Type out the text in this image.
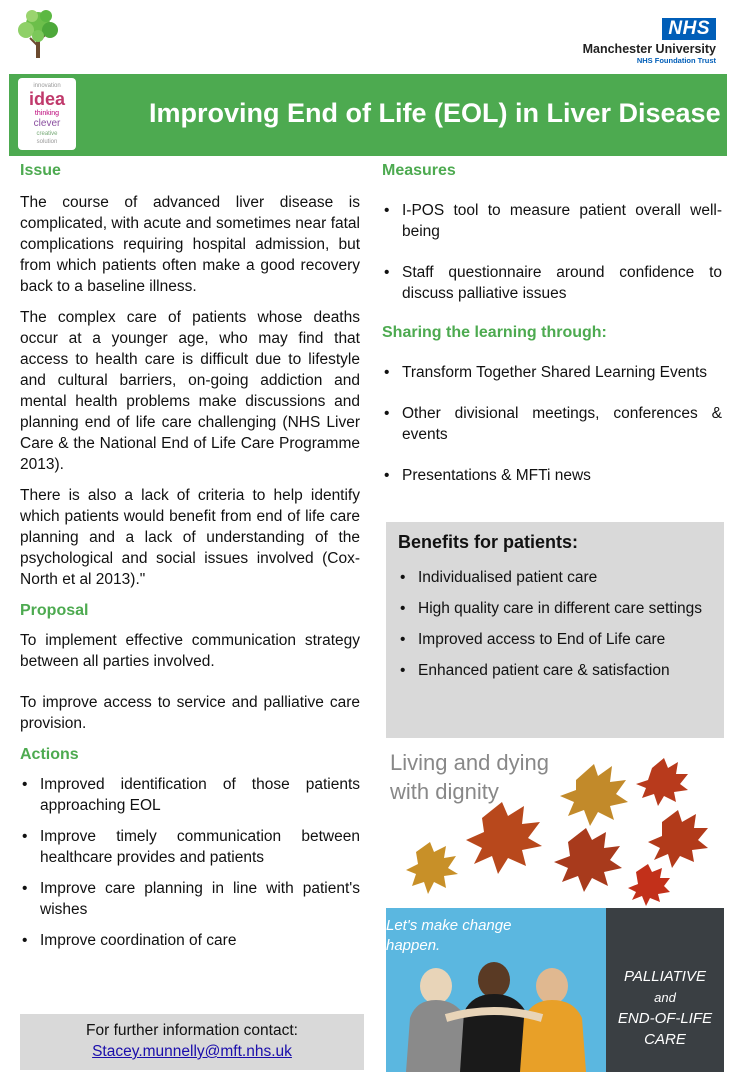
NHS
Manchester University
NHS Foundation Trust
innovation
idea
thinking
clever
creative
solution
Improving End of Life (EOL) in Liver Disease
Issue

The course of advanced liver disease is complicated, with acute and sometimes near fatal complications requiring hospital admission, but from which patients often make a good recovery back to a baseline illness.

The complex care of patients whose deaths occur at a younger age, who may find that access to health care is difficult due to lifestyle and cultural barriers, on-going addiction and mental health problems make discussions and planning end of life care challenging (NHS Liver Care & the National End of Life Care Programme 2013).

There is also a lack of criteria to help identify which patients would benefit from end of life care planning and a lack of understanding of the psychological and social issues involved (Cox- North et al 2013)."

Proposal

To implement effective communication strategy between all parties involved.

To improve access to service and palliative care provision.

Actions
• Improved identification of those patients approaching EOL
• Improve timely communication between healthcare provides and patients
• Improve care planning in line with patient's wishes
• Improve coordination of care
For further information contact:
Stacey.munnelly@mft.nhs.uk
Measures
• I-POS tool to measure patient overall well-being
• Staff questionnaire around confidence to discuss palliative issues
Sharing the learning through:
• Transform Together Shared Learning Events
• Other divisional meetings, conferences & events
• Presentations & MFTi news
Benefits for patients:
• Individualised patient care
• High quality care in different care settings
• Improved access to End of Life care
• Enhanced patient care & satisfaction
Living and dying
with dignity
Let's make change
happen.
PALLIATIVE
and
END-OF-LIFE
CARE
